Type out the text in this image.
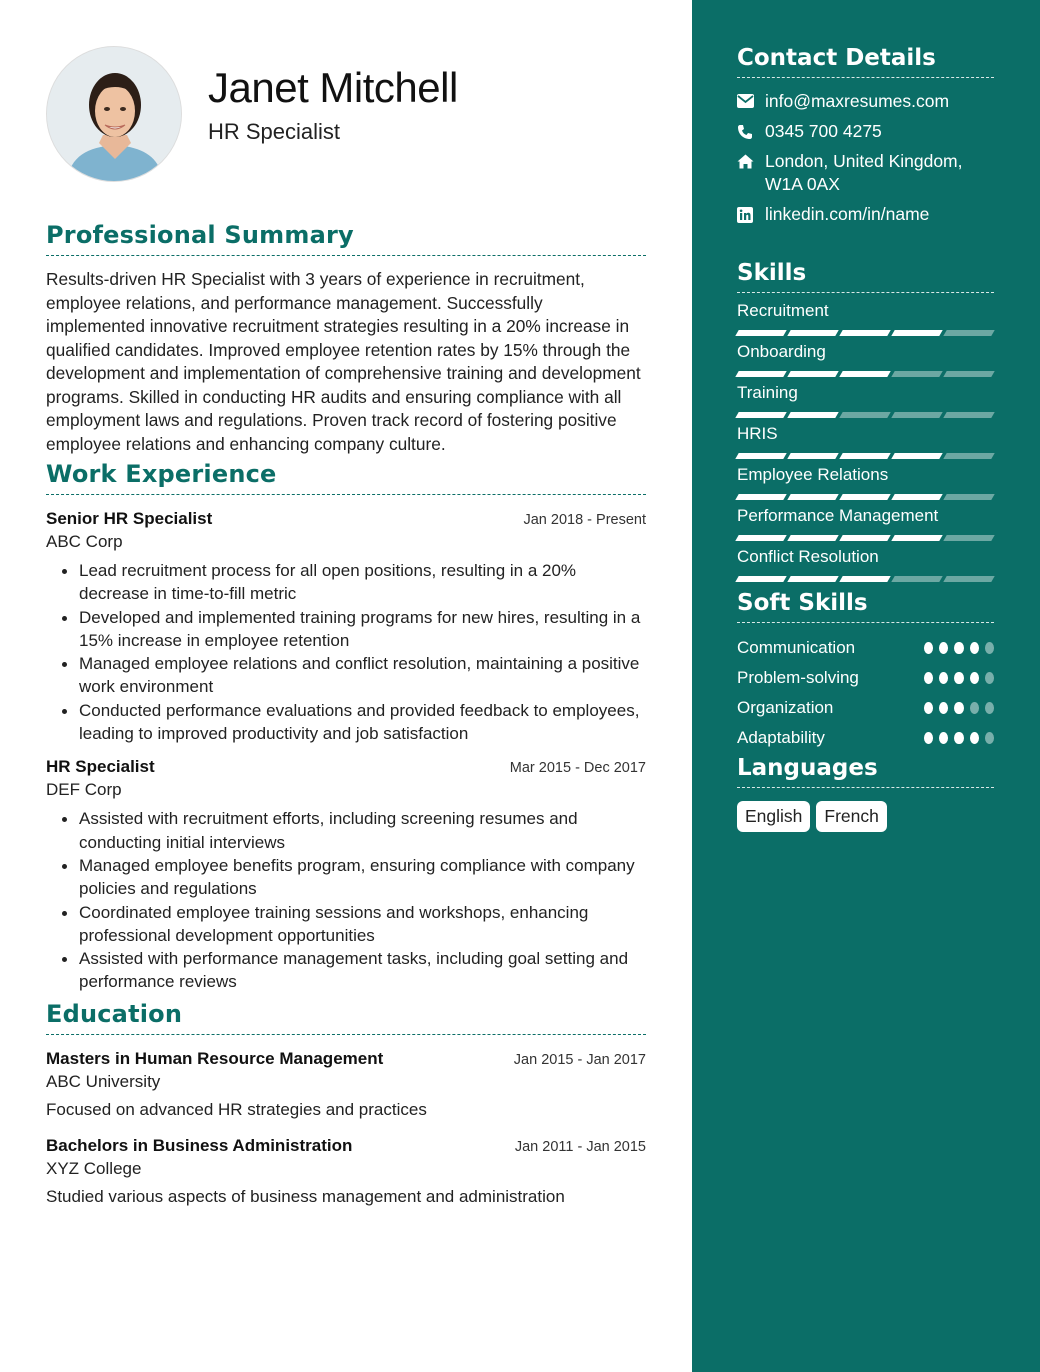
Janet Mitchell
HR Specialist
Professional Summary

Results-driven HR Specialist with 3 years of experience in recruitment, employee relations, and performance management. Successfully implemented innovative recruitment strategies resulting in a 20% increase in qualified candidates. Improved employee retention rates by 15% through the development and implementation of comprehensive training and development programs. Skilled in conducting HR audits and ensuring compliance with all employment laws and regulations. Proven track record of fostering positive employee relations and enhancing company culture.

Work Experience
Senior HR Specialist	Jan 2018 - Present
ABC Corp
Lead recruitment process for all open positions, resulting in a 20% decrease in time-to-fill metric
Developed and implemented training programs for new hires, resulting in a 15% increase in employee retention
Managed employee relations and conflict resolution, maintaining a positive work environment
Conducted performance evaluations and provided feedback to employees, leading to improved productivity and job satisfaction
HR Specialist	Mar 2015 - Dec 2017
DEF Corp
Assisted with recruitment efforts, including screening resumes and conducting initial interviews
Managed employee benefits program, ensuring compliance with company policies and regulations
Coordinated employee training sessions and workshops, enhancing professional development opportunities
Assisted with performance management tasks, including goal setting and performance reviews
Education
Masters in Human Resource Management	Jan 2015 - Jan 2017
ABC University
Focused on advanced HR strategies and practices
Bachelors in Business Administration	Jan 2011 - Jan 2015
XYZ College
Studied various aspects of business management and administration
Contact Details
info@maxresumes.com
0345 700 4275
London, United Kingdom, W1A 0AX
linkedin.com/in/name
Skills
Recruitment
Onboarding
Training
HRIS
Employee Relations
Performance Management
Conflict Resolution
Soft Skills
Communication
Problem-solving
Organization
Adaptability
Languages
English	French
